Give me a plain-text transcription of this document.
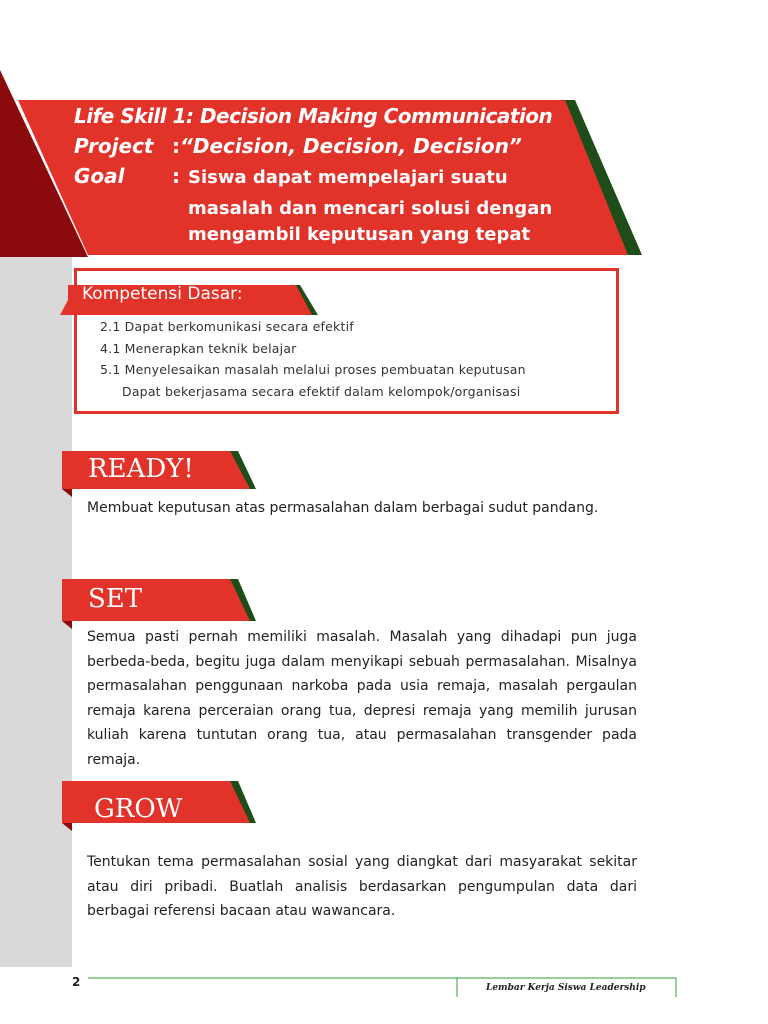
Life Skill 1: Decision Making Communication
Project :“Decision, Decision, Decision”
Goal : Siswa dapat mempelajari suatu
masalah dan mencari solusi dengan
mengambil keputusan yang tepat
Kompetensi Dasar:
2.1 Dapat berkomunikasi secara efektif
4.1 Menerapkan teknik belajar
5.1 Menyelesaikan masalah melalui proses pembuatan keputusan
Dapat bekerjasama secara efektif dalam kelompok/organisasi
READY!
Membuat keputusan atas permasalahan dalam berbagai sudut pandang.
SET
Semua pasti pernah memiliki masalah. Masalah yang dihadapi pun juga berbeda-beda, begitu juga dalam menyikapi sebuah permasalahan. Misalnya permasalahan penggunaan narkoba pada usia remaja, masalah pergaulan remaja karena perceraian orang tua, depresi remaja yang memilih jurusan kuliah karena tuntutan orang tua, atau permasalahan transgender pada remaja.
GROW
Tentukan tema permasalahan sosial yang diangkat dari masyarakat sekitar atau diri pribadi. Buatlah analisis berdasarkan pengumpulan data dari berbagai referensi bacaan atau wawancara.
2	Lembar Kerja Siswa Leadership
